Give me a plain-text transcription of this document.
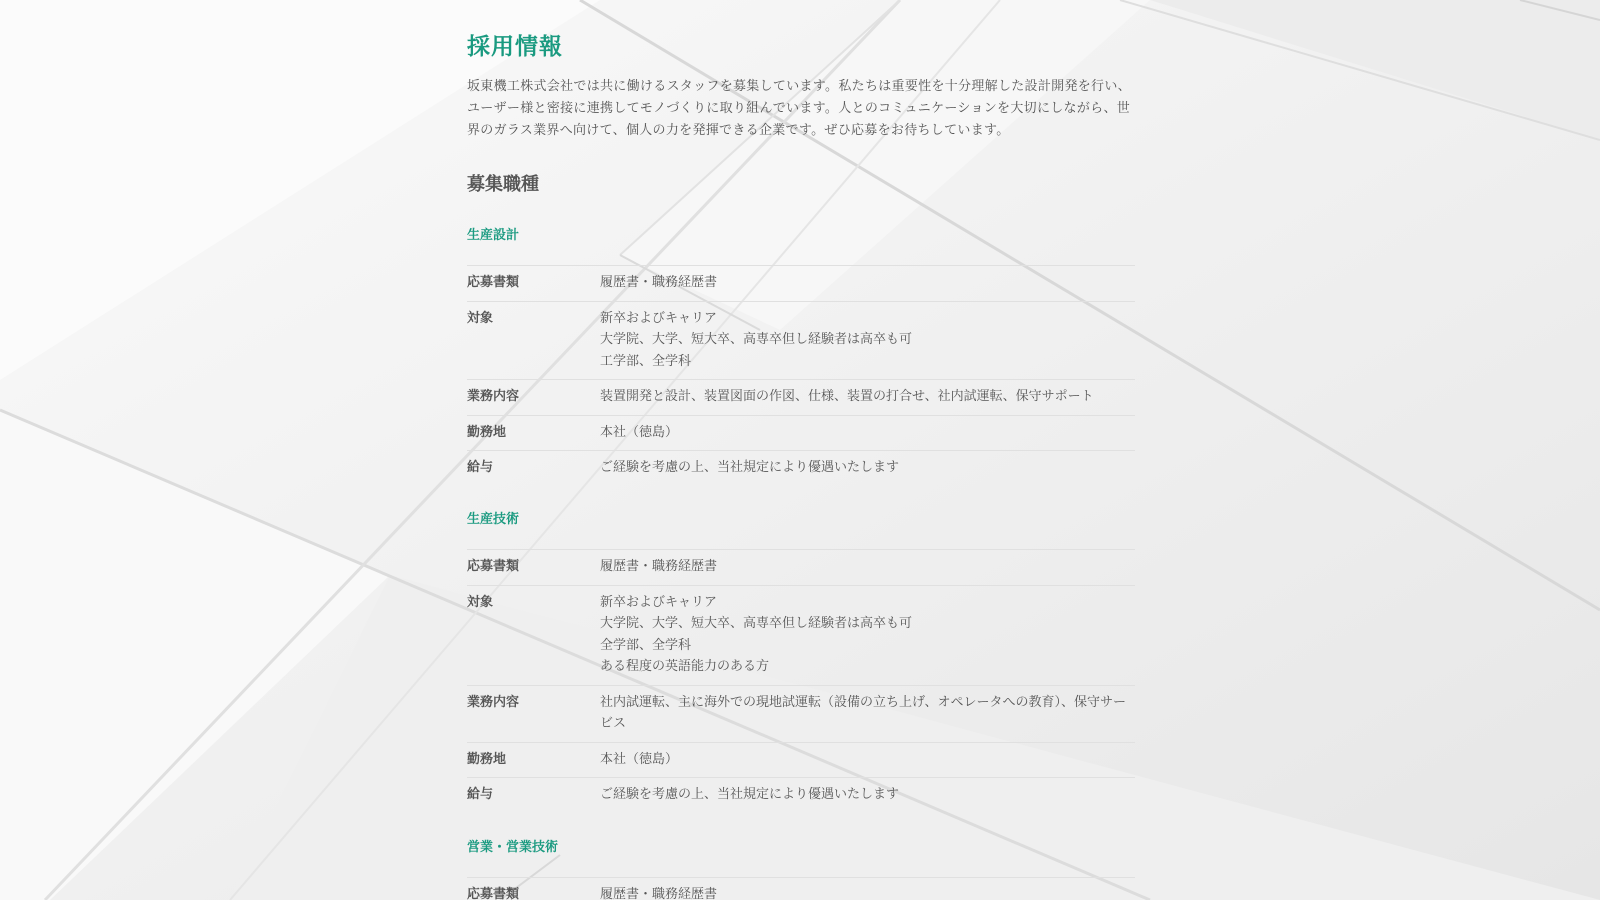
採用情報

坂東機工株式会社では共に働けるスタッフを募集しています。私たちは重要性を十分理解した設計開発を行い、ユーザー様と密接に連携してモノづくりに取り組んでいます。人とのコミュニケーションを大切にしながら、世界のガラス業界へ向けて、個人の力を発揮できる企業です。ぜひ応募をお待ちしています。

募集職種
生産設計
応募書類	履歴書・職務経歴書
対象	新卒およびキャリア
大学院、大学、短大卒、高専卒但し経験者は高卒も可
工学部、全学科
業務内容	装置開発と設計、装置図面の作図、仕様、装置の打合せ、社内試運転、保守サポート
勤務地	本社（徳島）
給与	ご経験を考慮の上、当社規定により優遇いたします
生産技術
応募書類	履歴書・職務経歴書
対象	新卒およびキャリア
大学院、大学、短大卒、高専卒但し経験者は高卒も可
全学部、全学科
ある程度の英語能力のある方
業務内容	社内試運転、主に海外での現地試運転（設備の立ち上げ、オペレータへの教育）、保守サービス
勤務地	本社（徳島）
給与	ご経験を考慮の上、当社規定により優遇いたします
営業・営業技術
応募書類	履歴書・職務経歴書
